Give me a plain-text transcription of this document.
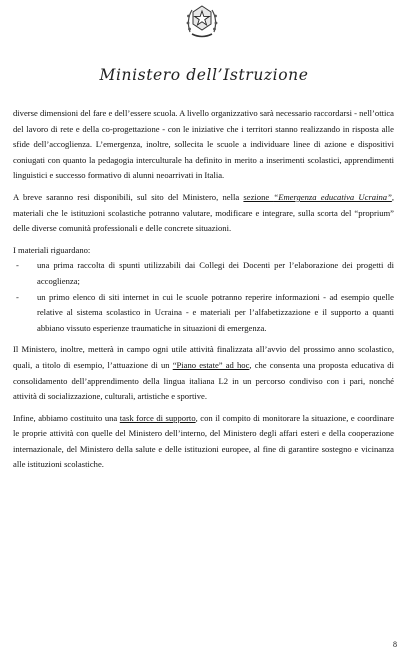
Ministero dell’Istruzione

diverse dimensioni del fare e dell’essere scuola. A livello organizzativo sarà necessario raccordarsi - nell’ottica del lavoro di rete e della co-progettazione - con le iniziative che i territori stanno realizzando in risposta alle sfide dell’accoglienza. L’emergenza, inoltre, sollecita le scuole a individuare linee di azione e dispositivi coniugati con quanto la pedagogia interculturale ha definito in merito a inserimenti scolastici, apprendimenti linguistici e successo formativo di alunni neoarrivati in Italia.

A breve saranno resi disponibili, sul sito del Ministero, nella sezione “Emergenza educativa Ucraina”, materiali che le istituzioni scolastiche potranno valutare, modificare e integrare, sulla scorta del “proprium” delle diverse comunità professionali e delle concrete situazioni.

I materiali riguardano:

- una prima raccolta di spunti utilizzabili dai Collegi dei Docenti per l’elaborazione dei progetti di accoglienza;
- un primo elenco di siti internet in cui le scuole potranno reperire informazioni - ad esempio quelle relative al sistema scolastico in Ucraina - e materiali per l’alfabetizzazione e il supporto a quanti abbiano vissuto esperienze traumatiche in situazioni di emergenza.

Il Ministero, inoltre, metterà in campo ogni utile attività finalizzata all’avvio del prossimo anno scolastico, quali, a titolo di esempio, l’attuazione di un “Piano estate” ad hoc, che consenta una proposta educativa di consolidamento dell’apprendimento della lingua italiana L2 in un percorso condiviso con i pari, nonché attività di socializzazione, culturali, artistiche e sportive.

Infine, abbiamo costituito una task force di supporto, con il compito di monitorare la situazione, e coordinare le proprie attività con quelle del Ministero dell’interno, del Ministero degli affari esteri e della cooperazione internazionale, del Ministero della salute e delle istituzioni europee, al fine di garantire sostegno e vicinanza alle istituzioni scolastiche.

8
